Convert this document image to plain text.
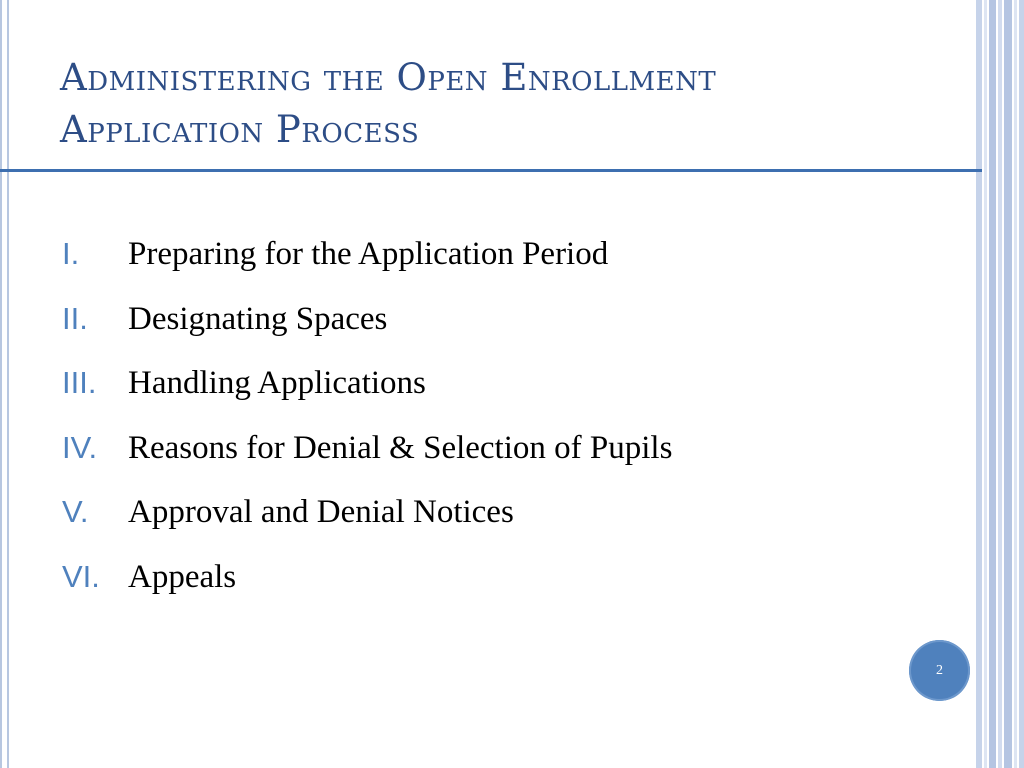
Administering the Open Enrollment
Application Process
I.	Preparing for the Application Period
II.	Designating Spaces
III. Handling Applications
IV. Reasons for Denial & Selection of Pupils
V.	Approval and Denial Notices
VI. Appeals
2
